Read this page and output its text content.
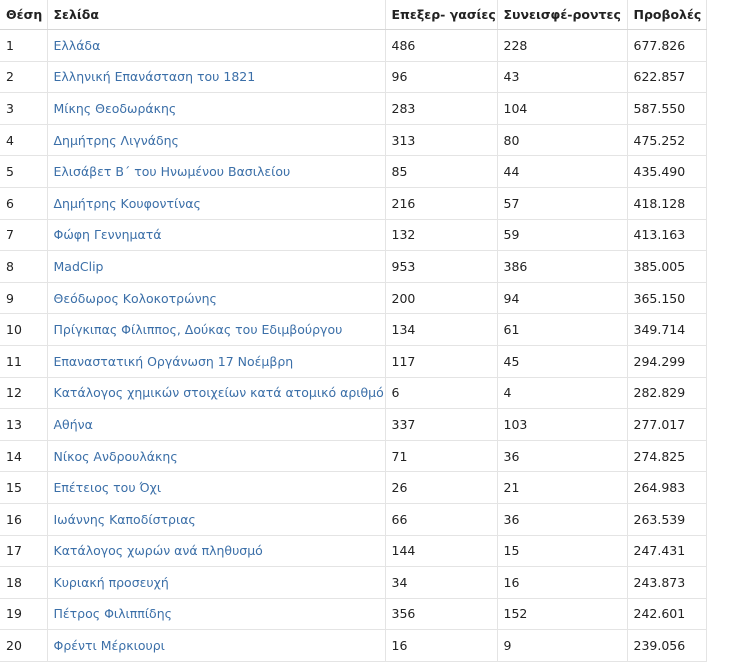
Θέση	Σελίδα	Επεξερ- γασίες	Συνεισφέ-ροντες	Προβολές
1	Ελλάδα	486	228	677.826
2	Ελληνική Επανάσταση του 1821	96	43	622.857
3	Μίκης Θεοδωράκης	283	104	587.550
4	Δημήτρης Λιγνάδης	313	80	475.252
5	Ελισάβετ Β΄ του Ηνωμένου Βασιλείου	85	44	435.490
6	Δημήτρης Κουφοντίνας	216	57	418.128
7	Φώφη Γεννηματά	132	59	413.163
8	MadClip	953	386	385.005
9	Θεόδωρος Κολοκοτρώνης	200	94	365.150
10	Πρίγκιπας Φίλιππος, Δούκας του Εδιμβούργου	134	61	349.714
11	Επαναστατική Οργάνωση 17 Νοέμβρη	117	45	294.299
12	Κατάλογος χημικών στοιχείων κατά ατομικό αριθμό	6	4	282.829
13	Αθήνα	337	103	277.017
14	Νίκος Ανδρουλάκης	71	36	274.825
15	Επέτειος του Όχι	26	21	264.983
16	Ιωάννης Καποδίστριας	66	36	263.539
17	Κατάλογος χωρών ανά πληθυσμό	144	15	247.431
18	Κυριακή προσευχή	34	16	243.873
19	Πέτρος Φιλιππίδης	356	152	242.601
20	Φρέντι Μέρκιουρι	16	9	239.056
